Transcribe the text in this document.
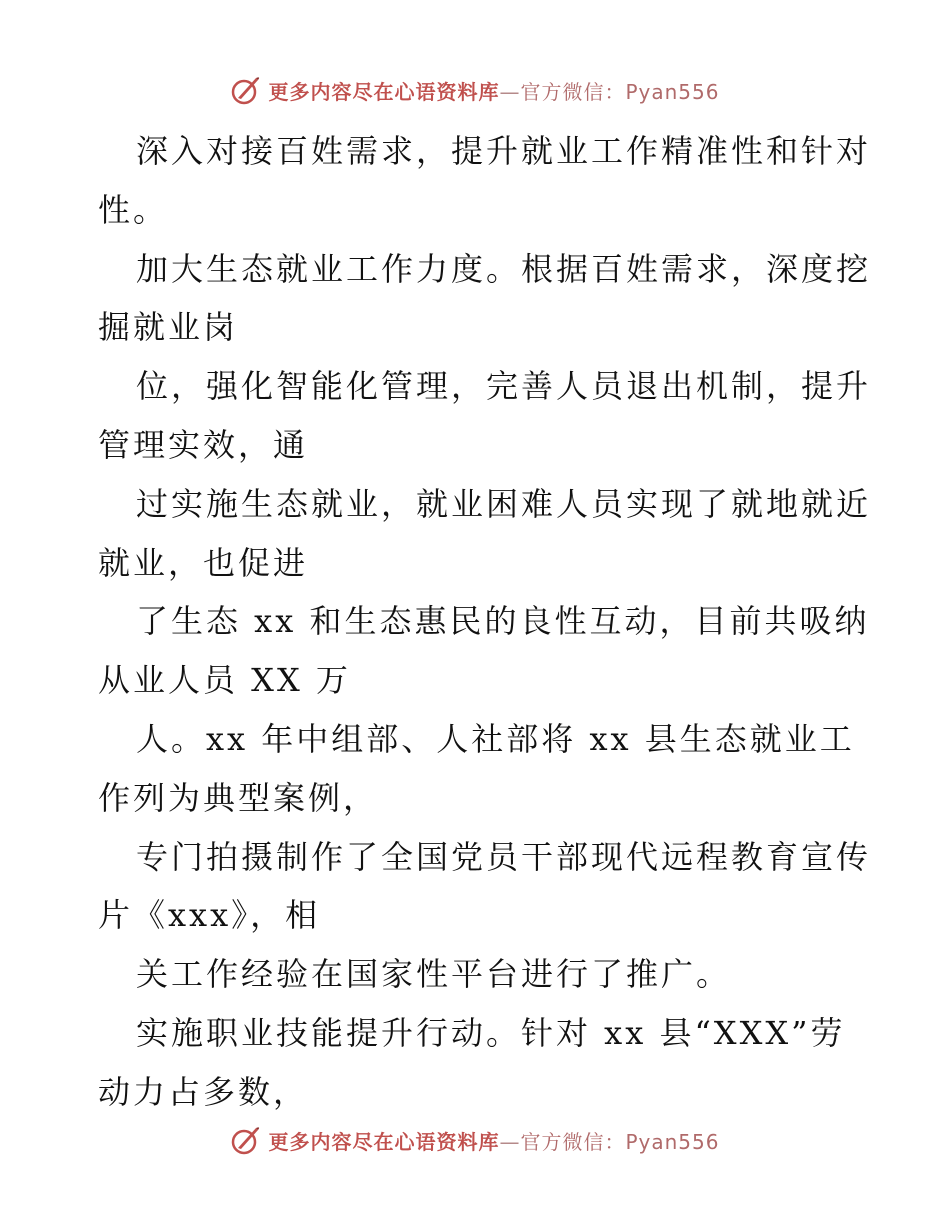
更多内容尽在心语资料库—官方微信：Pyan556
深入对接百姓需求，提升就业工作精准性和针对
性。
加大生态就业工作力度。根据百姓需求，深度挖
掘就业岗
位，强化智能化管理，完善人员退出机制，提升
管理实效，通
过实施生态就业，就业困难人员实现了就地就近
就业，也促进
了生态 xx 和生态惠民的良性互动，目前共吸纳
从业人员 XX 万
人。xx 年中组部、人社部将 xx 县生态就业工
作列为典型案例，
专门拍摄制作了全国党员干部现代远程教育宣传
片《xxx》，相
关工作经验在国家性平台进行了推广。
实施职业技能提升行动。针对 xx 县“XXX”劳
动力占多数，
更多内容尽在心语资料库—官方微信：Pyan556
